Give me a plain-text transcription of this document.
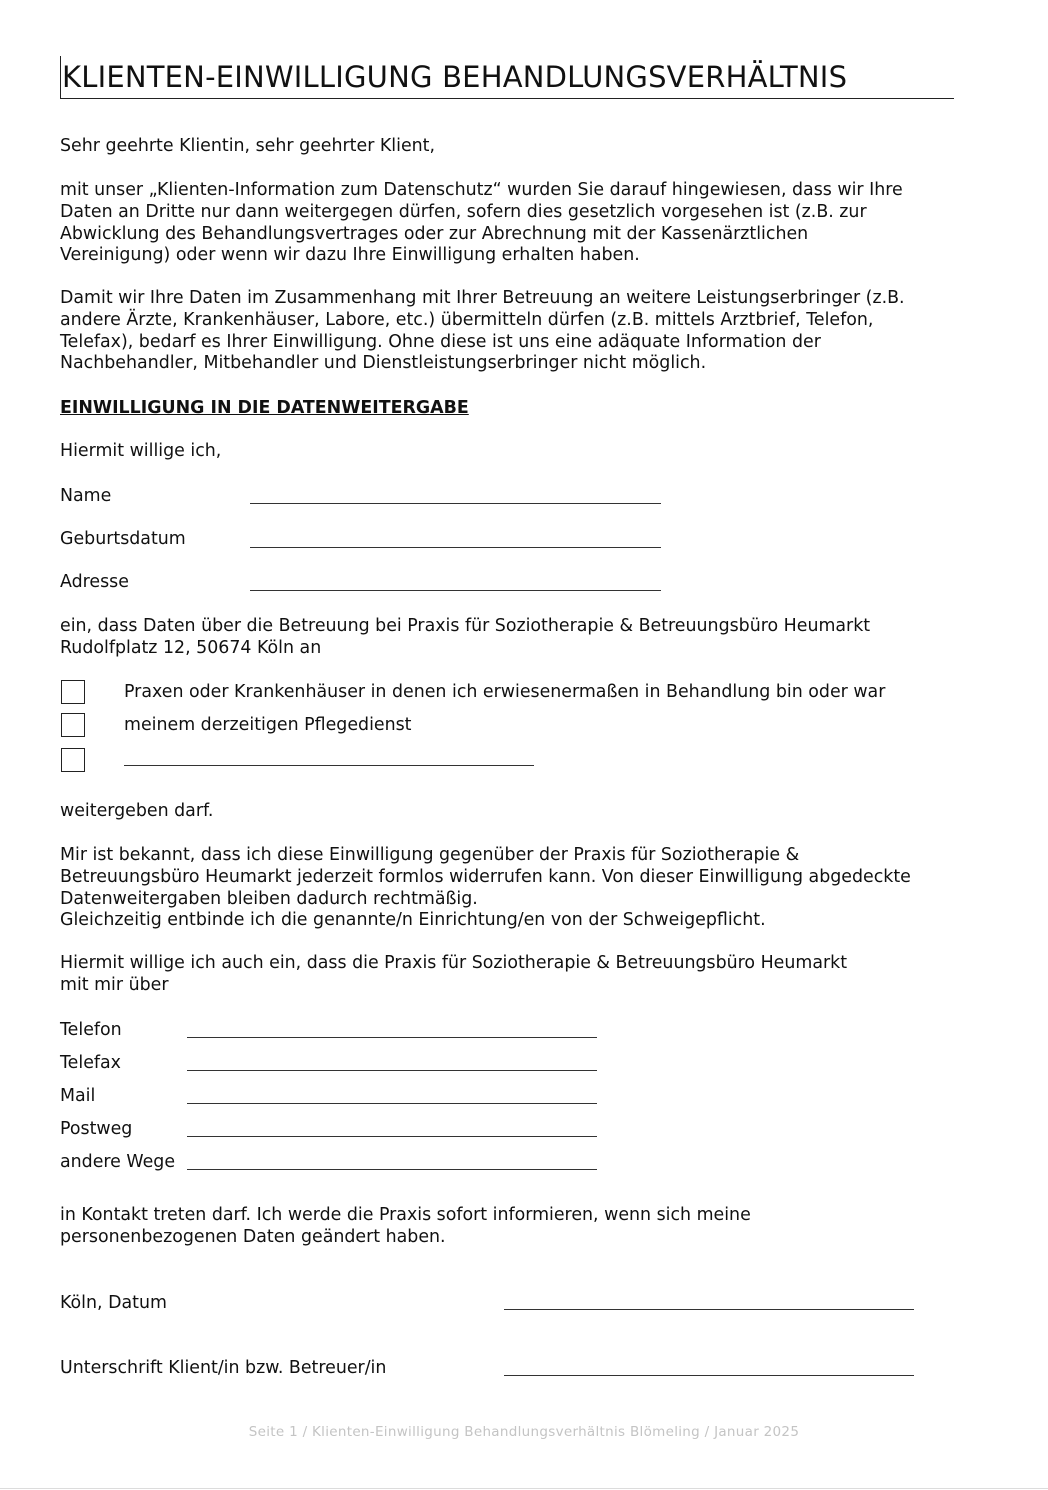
KLIENTEN-EINWILLIGUNG BEHANDLUNGSVERHÄLTNIS
Sehr geehrte Klientin, sehr geehrter Klient,
mit unser „Klienten-Information zum Datenschutz“ wurden Sie darauf hingewiesen, dass wir Ihre
Daten an Dritte nur dann weitergegen dürfen, sofern dies gesetzlich vorgesehen ist (z.B. zur
Abwicklung des Behandlungsvertrages oder zur Abrechnung mit der Kassenärztlichen
Vereinigung) oder wenn wir dazu Ihre Einwilligung erhalten haben.
Damit wir Ihre Daten im Zusammenhang mit Ihrer Betreuung an weitere Leistungserbringer (z.B.
andere Ärzte, Krankenhäuser, Labore, etc.) übermitteln dürfen (z.B. mittels Arztbrief, Telefon,
Telefax), bedarf es Ihrer Einwilligung. Ohne diese ist uns eine adäquate Information der
Nachbehandler, Mitbehandler und Dienstleistungserbringer nicht möglich.
EINWILLIGUNG IN DIE DATENWEITERGABE
Hiermit willige ich,
Name
Geburtsdatum
Adresse
ein, dass Daten über die Betreuung bei Praxis für Soziotherapie & Betreuungsbüro Heumarkt
Rudolfplatz 12, 50674 Köln an
Praxen oder Krankenhäuser in denen ich erwiesenermaßen in Behandlung bin oder war
meinem derzeitigen Pflegedienst
weitergeben darf.
Mir ist bekannt, dass ich diese Einwilligung gegenüber der Praxis für Soziotherapie &
Betreuungsbüro Heumarkt jederzeit formlos widerrufen kann. Von dieser Einwilligung abgedeckte
Datenweitergaben bleiben dadurch rechtmäßig.
Gleichzeitig entbinde ich die genannte/n Einrichtung/en von der Schweigepflicht.
Hiermit willige ich auch ein, dass die Praxis für Soziotherapie & Betreuungsbüro Heumarkt
mit mir über
Telefon
Telefax
Mail
Postweg
andere Wege
in Kontakt treten darf. Ich werde die Praxis sofort informieren, wenn sich meine
personenbezogenen Daten geändert haben.
Köln, Datum
Unterschrift Klient/in bzw. Betreuer/in
Seite 1 / Klienten-Einwilligung Behandlungsverhältnis Blömeling / Januar 2025
